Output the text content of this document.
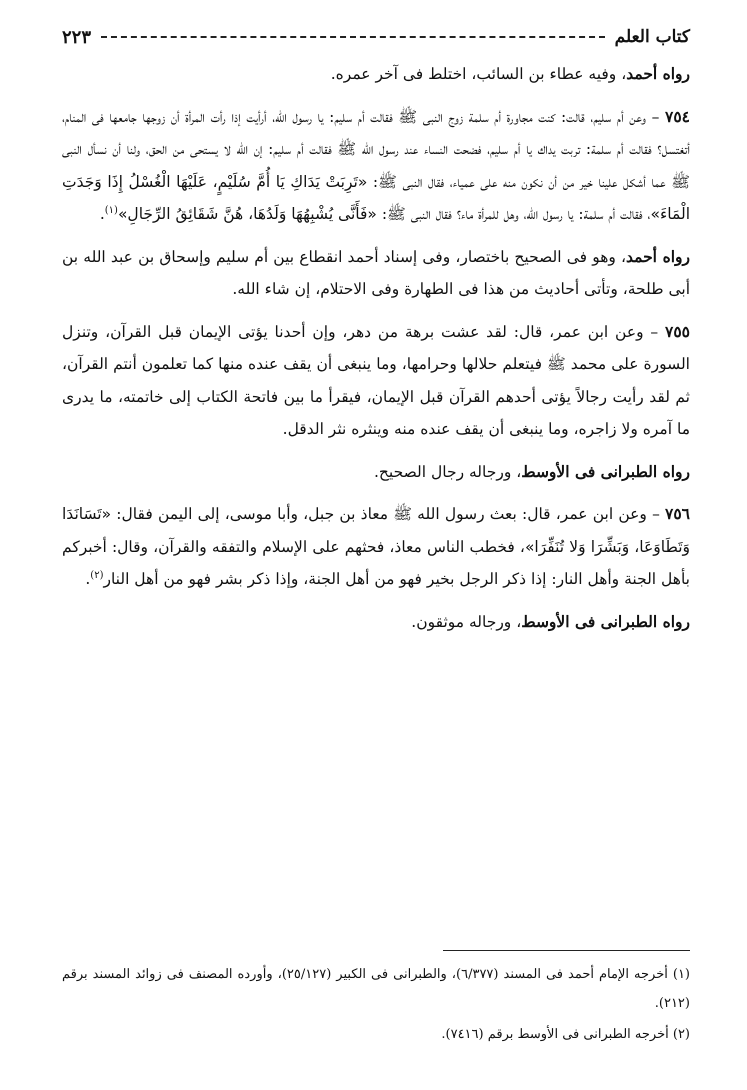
كتاب العلم
٢٢٣

رواه أحمد، وفيه عطاء بن السائب، اختلط فى آخر عمره.

٧٥٤ – وعن أم سليم، قالت: كنت مجاورة أم سلمة زوج النبى ﷺ فقالت أم سليم: يا رسول الله، أرأيت إذا رأت المرأة أن زوجها جامعها فى المنام، أتغتسل؟ فقالت أم سلمة: تربت يداك يا أم سليم، فضحت النساء عند رسول الله ﷺ فقالت أم سليم: إن الله لا يستحى من الحق، ولنا أن نسأل النبى ﷺ عما أشكل علينا خير من أن نكون منه على عمياء، فقال النبى ﷺ: «تَرِبَتْ يَدَاكِ يَا أُمَّ سُلَيْمٍ، عَلَيْهَا الْغُسْلُ إِذَا وَجَدَتِ الْمَاءَ»، فقالت أم سلمة: يا رسول الله، وهل للمرأة ماء؟ فقال النبى ﷺ: «فَأَنَّى يُشْبِهُهَا وَلَدُهَا، هُنَّ شَقَائِقُ الرِّجَالِ»$^{(١)}$.

رواه أحمد، وهو فى الصحيح باختصار، وفى إسناد أحمد انقطاع بين أم سليم وإسحاق بن عبد الله بن أبى طلحة، وتأتى أحاديث من هذا فى الطهارة وفى الاحتلام، إن شاء الله.

٧٥٥ – وعن ابن عمر، قال: لقد عشت برهة من دهر، وإن أحدنا يؤتى الإيمان قبل القرآن، وتنزل السورة على محمد ﷺ فيتعلم حلالها وحرامها، وما ينبغى أن يقف عنده منها كما تعلمون أنتم القرآن، ثم لقد رأيت رجالاً يؤتى أحدهم القرآن قبل الإيمان، فيقرأ ما بين فاتحة الكتاب إلى خاتمته، ما يدرى ما آمره ولا زاجره، وما ينبغى أن يقف عنده منه وينثره نثر الدقل.

رواه الطبرانى فى الأوسط، ورجاله رجال الصحيح.

٧٥٦ – وعن ابن عمر، قال: بعث رسول الله ﷺ معاذ بن جبل، وأبا موسى، إلى اليمن فقال: «تَسَانَدَا وَتَطَاوَعَا، وَبَشِّرَا وَلا تُنَفِّرَا»، فخطب الناس معاذ، فحثهم على الإسلام والتفقه والقرآن، وقال: أخبركم بأهل الجنة وأهل النار: إذا ذكر الرجل بخير فهو من أهل الجنة، وإذا ذكر بشر فهو من أهل النار$^{(٢)}$.

رواه الطبرانى فى الأوسط، ورجاله موثقون.

(١) أخرجه الإمام أحمد فى المسند (٦/٣٧٧)، والطبرانى فى الكبير (٢٥/١٢٧)، وأورده المصنف فى زوائد المسند برقم (٢١٢).

(٢) أخرجه الطبرانى فى الأوسط برقم (٧٤١٦).
